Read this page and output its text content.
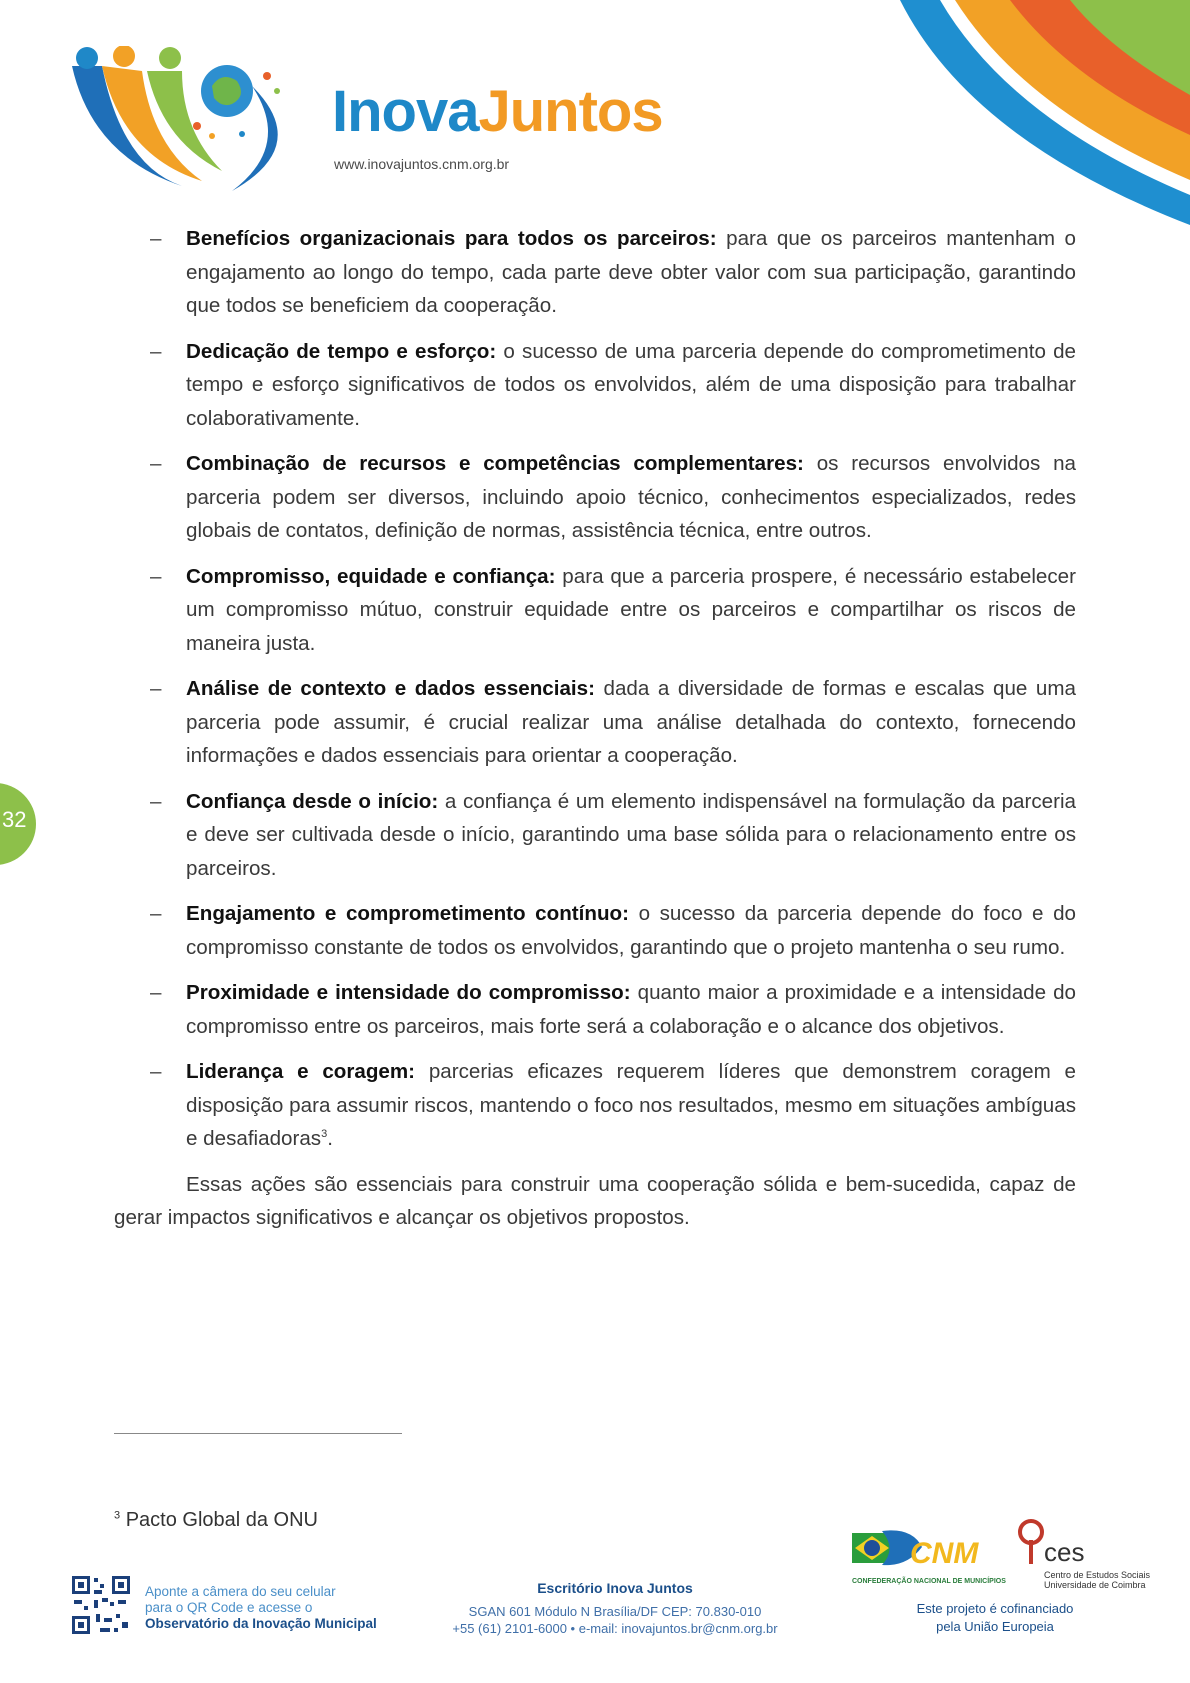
InovaJuntos
www.inovajuntos.cnm.org.br
– Benefícios organizacionais para todos os parceiros: para que os parceiros mantenham o engajamento ao longo do tempo, cada parte deve obter valor com sua participação, garantindo que todos se beneficiem da cooperação.
– Dedicação de tempo e esforço: o sucesso de uma parceria depende do comprometimento de tempo e esforço significativos de todos os envolvidos, além de uma disposição para trabalhar colaborativamente.
– Combinação de recursos e competências complementares: os recursos envolvidos na parceria podem ser diversos, incluindo apoio técnico, conhecimentos especializados, redes globais de contatos, definição de normas, assistência técnica, entre outros.
– Compromisso, equidade e confiança: para que a parceria prospere, é necessário estabelecer um compromisso mútuo, construir equidade entre os parceiros e compartilhar os riscos de maneira justa.
– Análise de contexto e dados essenciais: dada a diversidade de formas e escalas que uma parceria pode assumir, é crucial realizar uma análise detalhada do contexto, fornecendo informações e dados essenciais para orientar a cooperação.
– Confiança desde o início: a confiança é um elemento indispensável na formulação da parceria e deve ser cultivada desde o início, garantindo uma base sólida para o relacionamento entre os parceiros.
– Engajamento e comprometimento contínuo: o sucesso da parceria depende do foco e do compromisso constante de todos os envolvidos, garantindo que o projeto mantenha o seu rumo.
– Proximidade e intensidade do compromisso: quanto maior a proximidade e a intensidade do compromisso entre os parceiros, mais forte será a colaboração e o alcance dos objetivos.
– Liderança e coragem: parcerias eficazes requerem líderes que demonstrem coragem e disposição para assumir riscos, mantendo o foco nos resultados, mesmo em situações ambíguas e desafiadoras$^3$.

Essas ações são essenciais para construir uma cooperação sólida e bem-sucedida, capaz de gerar impactos significativos e alcançar os objetivos propostos.

32
$^3$ Pacto Global da ONU
Aponte a câmera do seu celular
para o QR Code e acesse o
Observatório da Inovação Municipal
Escritório Inova Juntos
SGAN 601 Módulo N Brasília/DF CEP: 70.830-010
+55 (61) 2101-6000 • e-mail: inovajuntos.br@cnm.org.br
CNM
CONFEDERAÇÃO NACIONAL DE MUNICÍPIOS
ces
Centro de Estudos Sociais
Universidade de Coimbra
Este projeto é cofinanciado
pela União Europeia
